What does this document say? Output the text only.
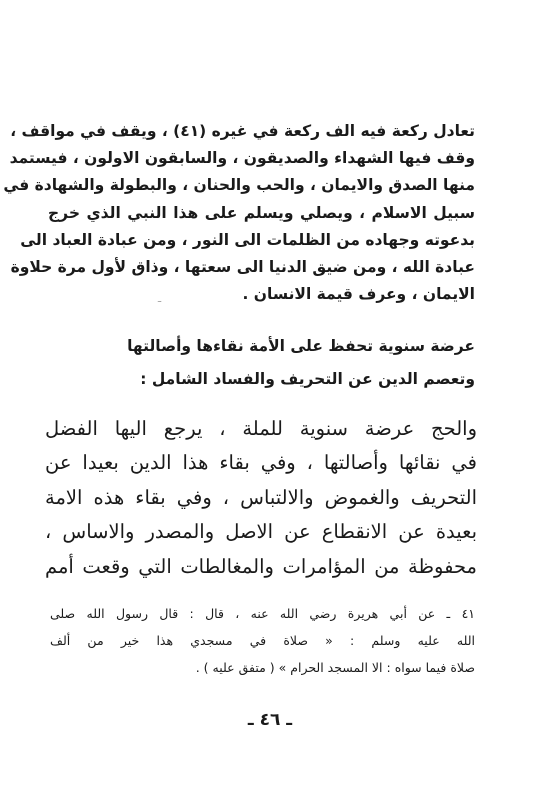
تعادل ركعة فيه الف ركعة في غيره (٤١) ، ويقف في مواقف ،
وقف فيها الشهداء والصديقون ، والسابقون الاولون ، فيستمد
منها الصدق والايمان ، والحب والحنان ، والبطولة والشهادة في
سبيل الاسلام ، ويصلي ويسلم على هذا النبي الذي خرج
بدعوته وجهاده من الظلمات الى النور ، ومن عبادة العباد الى
عبادة الله ، ومن ضيق الدنيا الى سعتها ، وذاق لأول مرة حلاوة
الايمان ، وعرف قيمة الانسان .
عرضة سنوية تحفظ على الأمة نقاءها وأصالتها
وتعصم الدين عن التحريف والفساد الشامل :
والحج عرضة سنوية للملة ، يرجع اليها الفضل
في نقائها وأصالتها ، وفي بقاء هذا الدين بعيدا عن
التحريف والغموض والالتباس ، وفي بقاء هذه الامة
بعيدة عن الانقطاع عن الاصل والمصدر والاساس ،
محفوظة من المؤامرات والمغالطات التي وقعت أمم
٤١ ـ عن أبي هريرة رضي الله عنه ، قال : قال رسول الله صلى
الله عليه وسلم : « صلاة في مسجدي هذا خير من ألف
صلاة فيما سواه : الا المسجد الحرام » ( متفق عليه ) .
ـ ٤٦ ـ
